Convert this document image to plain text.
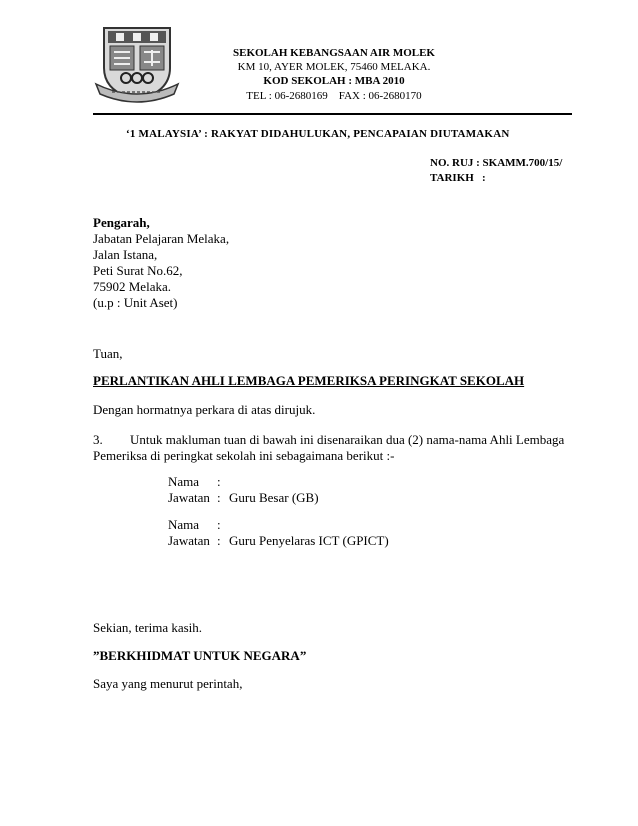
SEKOLAH KEBANGSAAN AIR MOLEK
KM 10, AYER MOLEK, 75460 MELAKA.
KOD SEKOLAH : MBA 2010
TEL : 06-2680169    FAX : 06-2680170
‘1 MALAYSIA’ : RAKYAT DIDAHULUKAN, PENCAPAIAN DIUTAMAKAN
NO. RUJ : SKAMM.700/15/
TARIKH   :
Pengarah,
Jabatan Pelajaran Melaka,
Jalan Istana,
Peti Surat No.62,
75902 Melaka.
(u.p : Unit Aset)
Tuan,
PERLANTIKAN AHLI LEMBAGA PEMERIKSA PERINGKAT SEKOLAH
Dengan hormatnya perkara di atas dirujuk.
3. Untuk makluman tuan di bawah ini disenaraikan dua (2) nama-nama Ahli Lembaga
Pemeriksa di peringkat sekolah ini sebagaimana berikut :-
Nama :
Jawatan : Guru Besar (GB)
Nama :
Jawatan : Guru Penyelaras ICT (GPICT)
Sekian, terima kasih.
”BERKHIDMAT UNTUK NEGARA”
Saya yang menurut perintah,
